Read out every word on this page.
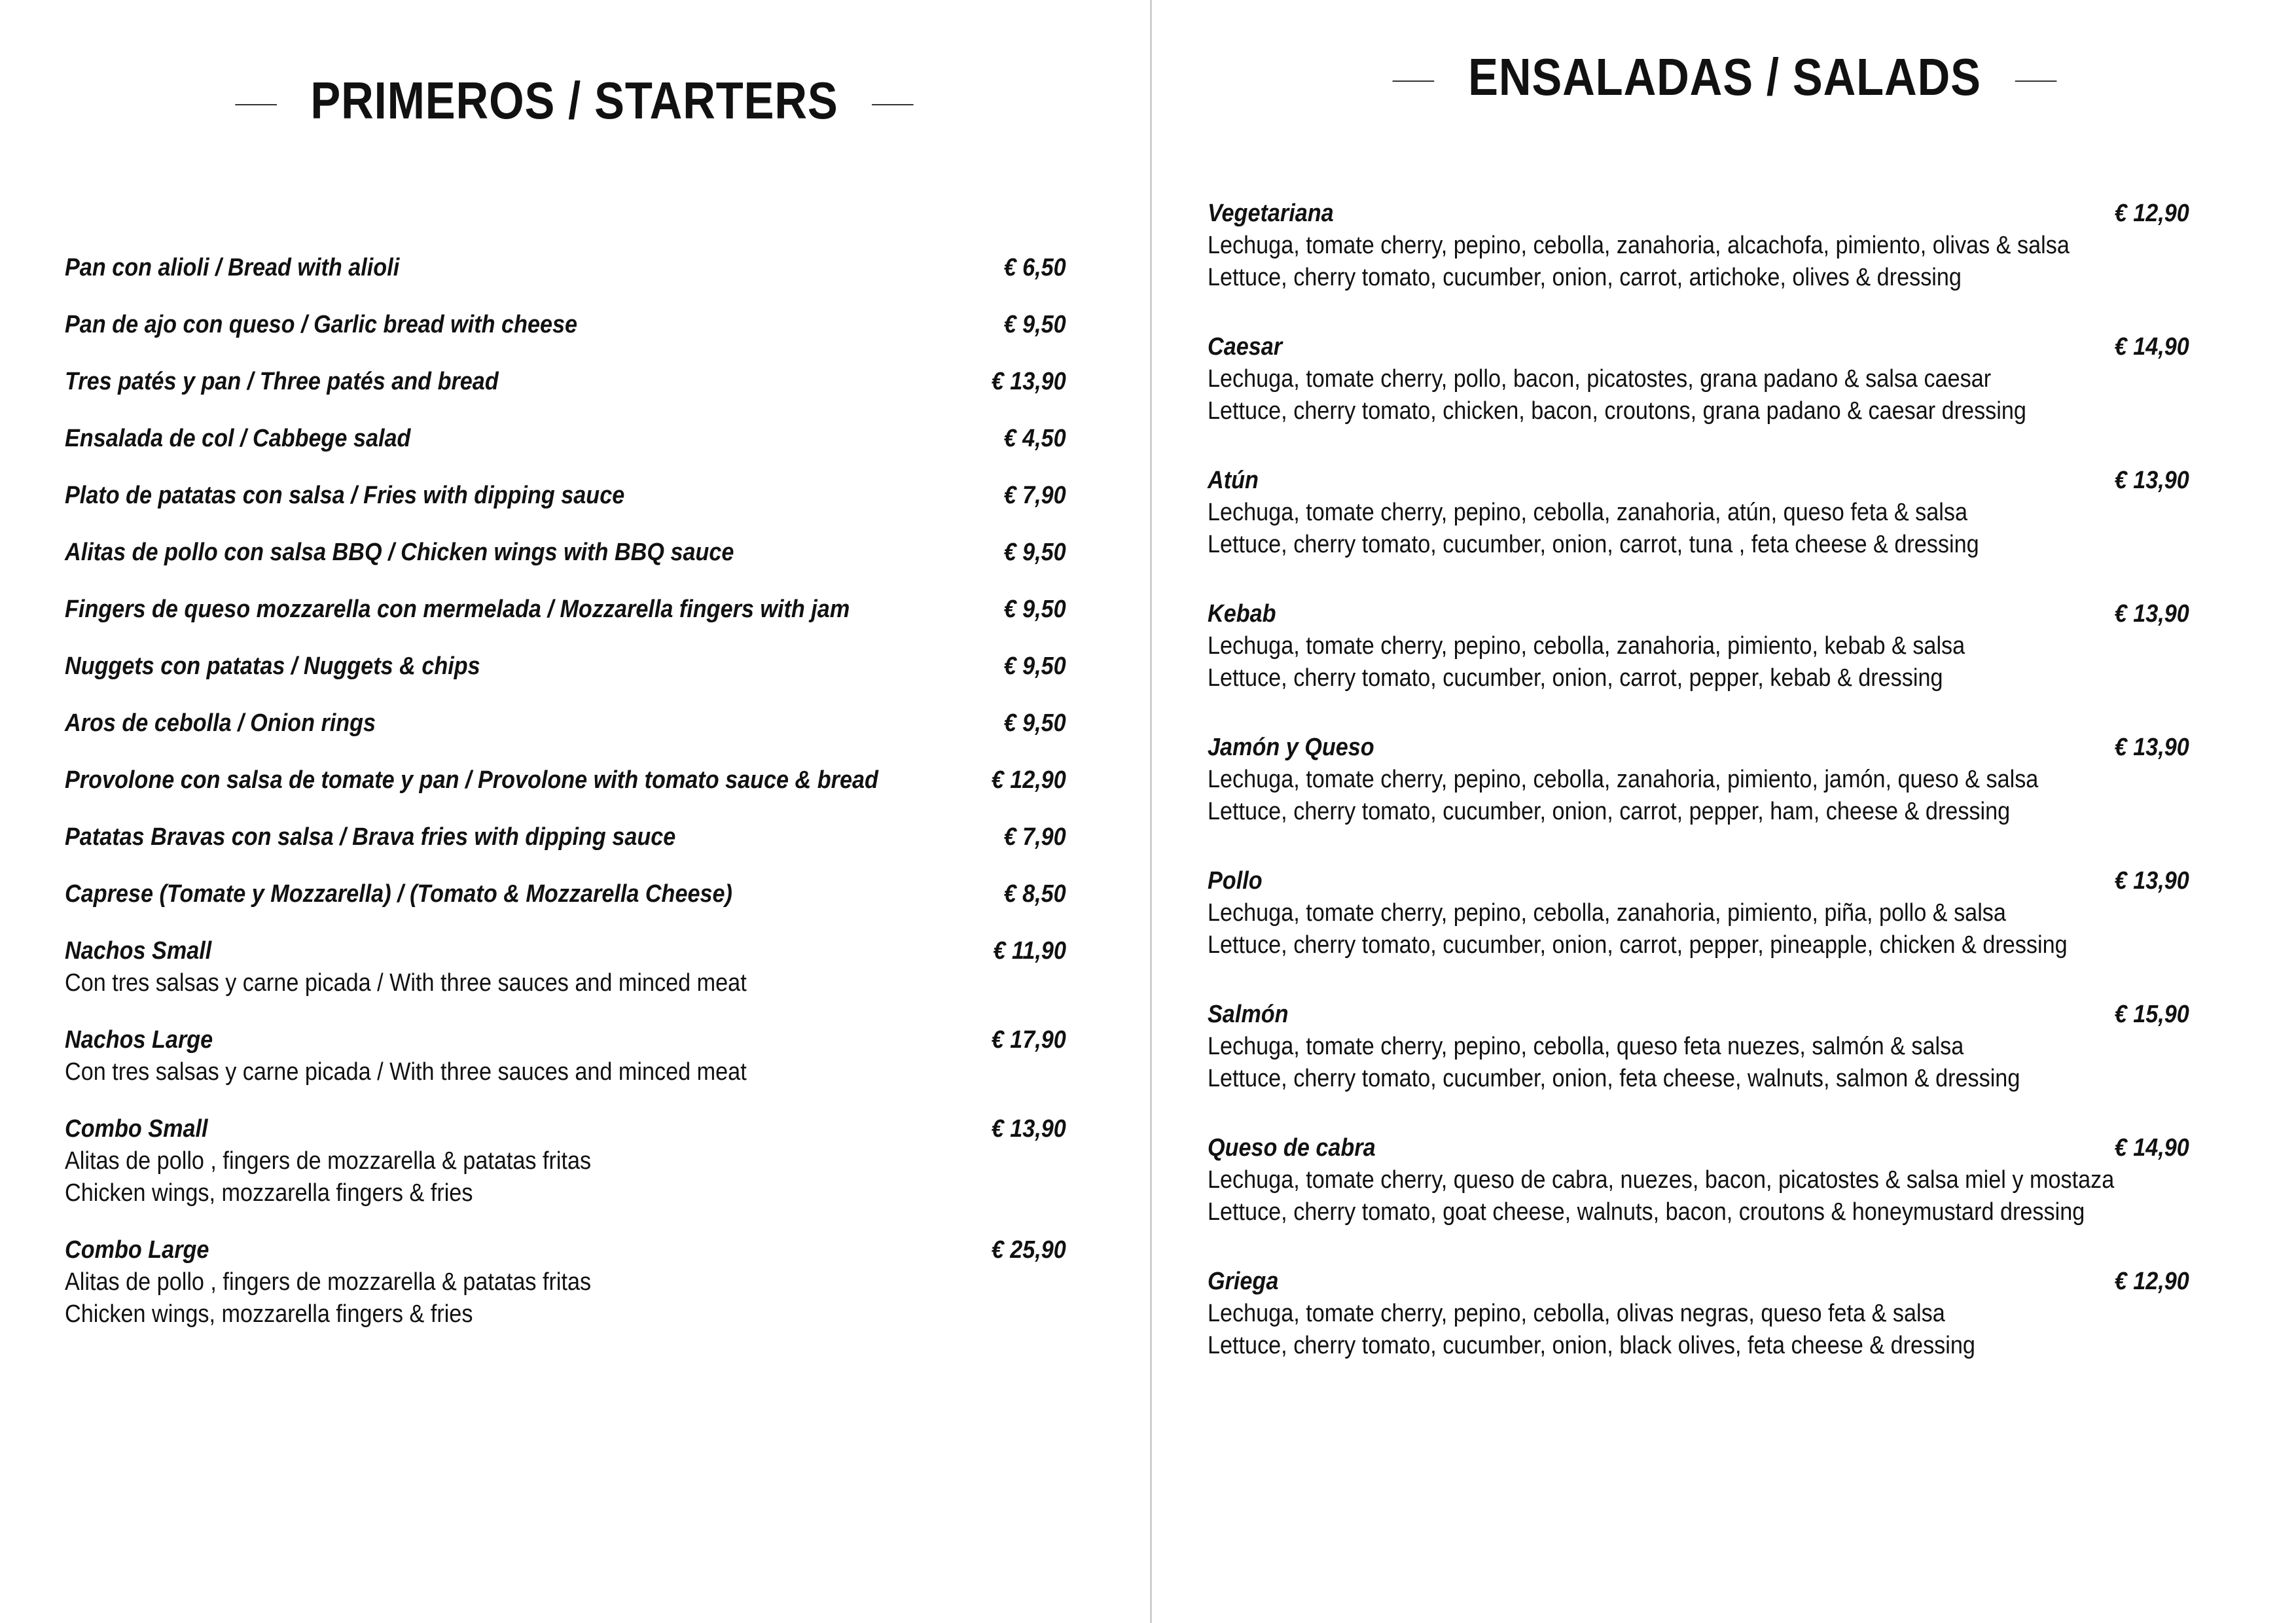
PRIMEROS / STARTERS
Pan con alioli / Bread with alioli	€ 6,50
Pan de ajo con queso / Garlic bread with cheese	€ 9,50
Tres patés y pan / Three patés and bread	€ 13,90
Ensalada de col / Cabbege salad	€ 4,50
Plato de patatas con salsa / Fries with dipping sauce	€ 7,90
Alitas de pollo con salsa BBQ / Chicken wings with BBQ sauce	€ 9,50
Fingers de queso mozzarella con mermelada / Mozzarella fingers with jam	€ 9,50
Nuggets con patatas / Nuggets & chips	€ 9,50
Aros de cebolla / Onion rings	€ 9,50
Provolone con salsa de tomate y pan / Provolone with tomato sauce & bread	€ 12,90
Patatas Bravas con salsa / Brava fries with dipping sauce	€ 7,90
Caprese (Tomate y Mozzarella) / (Tomato & Mozzarella Cheese)	€ 8,50
Nachos Small	€ 11,90
Con tres salsas y carne picada / With three sauces and minced meat
Nachos Large	€ 17,90
Con tres salsas y carne picada / With three sauces and minced meat
Combo Small	€ 13,90
Alitas de pollo , fingers de mozzarella & patatas fritas
Chicken wings, mozzarella fingers & fries
Combo Large	€ 25,90
Alitas de pollo , fingers de mozzarella & patatas fritas
Chicken wings, mozzarella fingers & fries
ENSALADAS / SALADS
Vegetariana	€ 12,90
Lechuga, tomate cherry, pepino, cebolla, zanahoria, alcachofa, pimiento, olivas & salsa
Lettuce, cherry tomato, cucumber, onion, carrot, artichoke, olives & dressing
Caesar	€ 14,90
Lechuga, tomate cherry, pollo, bacon, picatostes, grana padano & salsa caesar
Lettuce, cherry tomato, chicken, bacon, croutons, grana padano & caesar dressing
Atún	€ 13,90
Lechuga, tomate cherry, pepino, cebolla, zanahoria, atún, queso feta & salsa
Lettuce, cherry tomato, cucumber, onion, carrot, tuna , feta cheese & dressing
Kebab	€ 13,90
Lechuga, tomate cherry, pepino, cebolla, zanahoria, pimiento, kebab & salsa
Lettuce, cherry tomato, cucumber, onion, carrot, pepper, kebab & dressing
Jamón y Queso	€ 13,90
Lechuga, tomate cherry, pepino, cebolla, zanahoria, pimiento, jamón, queso & salsa
Lettuce, cherry tomato, cucumber, onion, carrot, pepper, ham, cheese & dressing
Pollo	€ 13,90
Lechuga, tomate cherry, pepino, cebolla, zanahoria, pimiento, piña, pollo & salsa
Lettuce, cherry tomato, cucumber, onion, carrot, pepper, pineapple, chicken & dressing
Salmón	€ 15,90
Lechuga, tomate cherry, pepino, cebolla, queso feta nuezes, salmón & salsa
Lettuce, cherry tomato, cucumber, onion, feta cheese, walnuts, salmon & dressing
Queso de cabra	€ 14,90
Lechuga, tomate cherry, queso de cabra, nuezes, bacon, picatostes & salsa miel y mostaza
Lettuce, cherry tomato, goat cheese, walnuts, bacon, croutons & honeymustard dressing
Griega	€ 12,90
Lechuga, tomate cherry, pepino, cebolla, olivas negras, queso feta & salsa
Lettuce, cherry tomato, cucumber, onion, black olives, feta cheese & dressing
